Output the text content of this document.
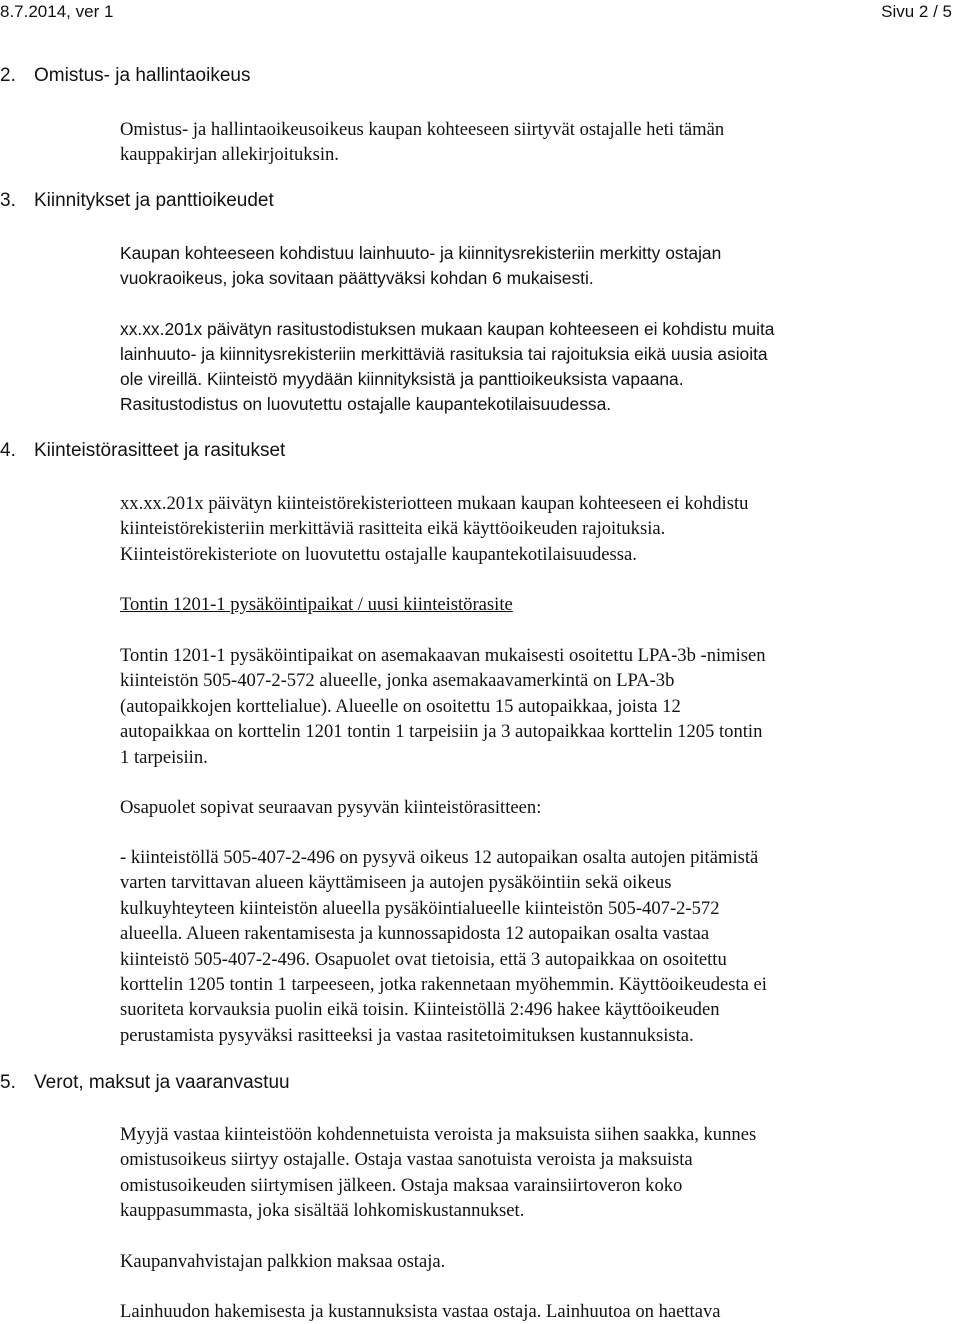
8.7.2014, ver 1	Sivu 2 / 5
2. Omistus- ja hallintaoikeus
Omistus- ja hallintaoikeusoikeus kaupan kohteeseen siirtyvät ostajalle heti tämän
kauppakirjan allekirjoituksin.
3. Kiinnitykset ja panttioikeudet
Kaupan kohteeseen kohdistuu lainhuuto- ja kiinnitysrekisteriin merkitty ostajan
vuokraoikeus, joka sovitaan päättyväksi kohdan 6 mukaisesti.
xx.xx.201x päivätyn rasitustodistuksen mukaan kaupan kohteeseen ei kohdistu muita
lainhuuto- ja kiinnitysrekisteriin merkittäviä rasituksia tai rajoituksia eikä uusia asioita
ole vireillä. Kiinteistö myydään kiinnityksistä ja panttioikeuksista vapaana.
Rasitustodistus on luovutettu ostajalle kaupantekotilaisuudessa.
4. Kiinteistörasitteet ja rasitukset
xx.xx.201x päivätyn kiinteistörekisteriotteen mukaan kaupan kohteeseen ei kohdistu
kiinteistörekisteriin merkittäviä rasitteita eikä käyttöoikeuden rajoituksia.
Kiinteistörekisteriote on luovutettu ostajalle kaupantekotilaisuudessa.
Tontin 1201-1 pysäköintipaikat / uusi kiinteistörasite
Tontin 1201-1 pysäköintipaikat on asemakaavan mukaisesti osoitettu LPA-3b -nimisen
kiinteistön 505-407-2-572 alueelle, jonka asemakaavamerkintä on LPA-3b
(autopaikkojen korttelialue). Alueelle on osoitettu 15 autopaikkaa, joista 12
autopaikkaa on korttelin 1201 tontin 1 tarpeisiin ja 3 autopaikkaa korttelin 1205 tontin
1 tarpeisiin.
Osapuolet sopivat seuraavan pysyvän kiinteistörasitteen:
- kiinteistöllä 505-407-2-496 on pysyvä oikeus 12 autopaikan osalta autojen pitämistä
varten tarvittavan alueen käyttämiseen ja autojen pysäköintiin sekä oikeus
kulkuyhteyteen kiinteistön alueella pysäköintialueelle kiinteistön 505-407-2-572
alueella. Alueen rakentamisesta ja kunnossapidosta 12 autopaikan osalta vastaa
kiinteistö 505-407-2-496. Osapuolet ovat tietoisia, että 3 autopaikkaa on osoitettu
korttelin 1205 tontin 1 tarpeeseen, jotka rakennetaan myöhemmin. Käyttöoikeudesta ei
suoriteta korvauksia puolin eikä toisin. Kiinteistöllä 2:496 hakee käyttöoikeuden
perustamista pysyväksi rasitteeksi ja vastaa rasitetoimituksen kustannuksista.
5. Verot, maksut ja vaaranvastuu
Myyjä vastaa kiinteistöön kohdennetuista veroista ja maksuista siihen saakka, kunnes
omistusoikeus siirtyy ostajalle. Ostaja vastaa sanotuista veroista ja maksuista
omistusoikeuden siirtymisen jälkeen. Ostaja maksaa varainsiirtoveron koko
kauppasummasta, joka sisältää lohkomiskustannukset.
Kaupanvahvistajan palkkion maksaa ostaja.
Lainhuudon hakemisesta ja kustannuksista vastaa ostaja. Lainhuutoa on haettava
